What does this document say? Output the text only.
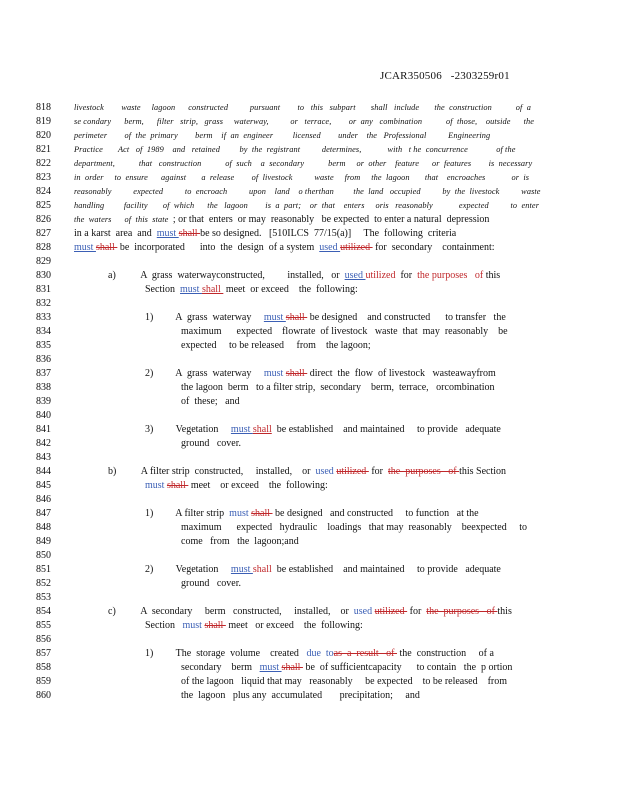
JCAR350506   -2303259r01
818	livestock        waste     lagoon      constructed          pursuant        to   this   subpart       shall   include       the  construction           of  a
819	se condary      berm,      filter   strip,   grass     waterway,          or   terrace,        or  any   combination           of  those,    outside      the
820	perimeter        of  the  primary        berm    if  an  engineer         licensed        under    the   Professional          Engineering
821	Practice       Act   of  1989    and   retained         by  the  registrant          determines,            with   t he  concurrence             of the
822	department,           that   construction           of  such    a  secondary           berm     or  other    feature      or  features        is  necessary
823	in  order     to  ensure      against       a  release        of  livestock          waste     from     the  lagoon       that    encroaches            or  is
824	reasonably          expected          to  encroach          upon    land    o therthan         the  land   occupied          by  the  livestock          waste
825	handling         facility       of  which      the   lagoon        is  a  part;    or  that    enters     oris   reasonably            expected          to  enter
826	the  waters      of  this  state  ; or that  enters  or may  reasonably   be expected  to enter a natural  depression
827	in a karst  area  and  must shall be so designed.   [510ILCS  77/15(a)]     The  following  criteria
828	must shall  be  incorporated      into  the  design  of a system  used utilized  for  secondary    containment:
829
830	a)          A  grass  waterwayconstructed,         installed,   or  used utilized  for  the purposes   of this
831	Section  must shall  meet  or exceed    the  following:
832
833	1)         A  grass  waterway     must shall  be designed    and constructed      to transfer   the
834	maximum      expected    flowrate  of livestock   waste  that  may  reasonably    be
835	expected     to be released     from    the lagoon;
836
837	2)         A  grass  waterway     must shall  direct  the  flow  of livestock   wasteawayfrom
838	the lagoon  berm   to a filter strip,  secondary    berm,  terrace,   orcombination
839	of  these;   and
840
841	3)         Vegetation     must shall  be established    and maintained     to provide   adequate
842	ground   cover.
843
844	b)          A filter strip  constructed,     installed,    or  used utilized  for  the  purposes   of this Section
845	must shall  meet    or exceed    the  following:
846
847	1)         A filter strip  must shall  be designed   and constructed     to function   at the
848	maximum      expected   hydraulic    loadings   that may  reasonably    beexpected     to
849	come   from   the  lagoon;and
850
851	2)         Vegetation     must shall  be established    and maintained     to provide   adequate
852	ground   cover.
853
854	c)          A  secondary     berm   constructed,     installed,    or  used utilized  for  the  purposes   of this
855	Section   must shall  meet   or exceed    the  following:
856
857	1)         The  storage  volume    created   due  toas  a  result   of  the  construction     of a
858	secondary    berm   must shall  be  of sufficientcapacity      to contain   the  p ortion
859	of the lagoon   liquid that may   reasonably     be expected    to be released    from
860	the  lagoon   plus any  accumulated       precipitation;     and
